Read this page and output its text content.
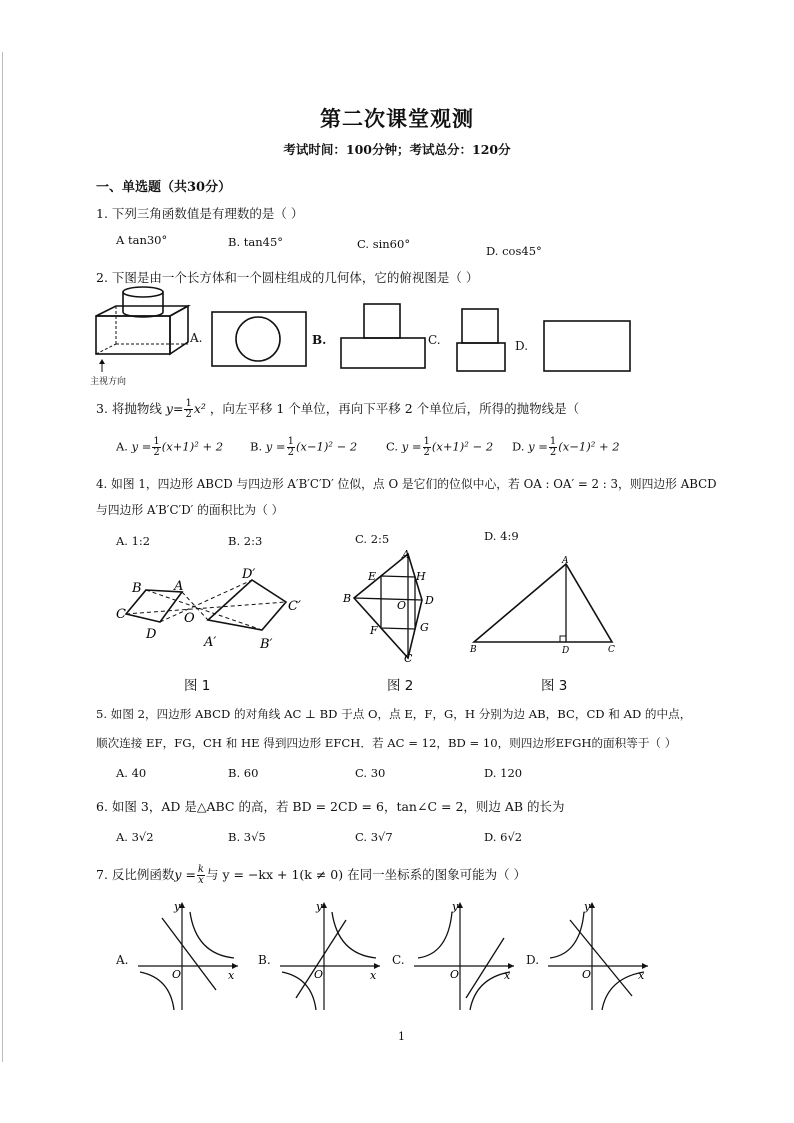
第二次课堂观测
考试时间：100分钟；考试总分：120分
一、单选题（共30分）
1. 下列三角函数值是有理数的是（ ）
A tan30°	B. tan45°	C. sin60°	D. cos45°
2. 下图是由一个长方体和一个圆柱组成的几何体，它的俯视图是（ ）
主视方向
A.	B.	C.	D.
3. 将抛物线 $y= \frac{1}{2} x^2$ ，向左平移 1 个单位，再向下平移 2 个单位后，所得的抛物线是（
A. $y = \frac{1}{2} (x+1)^2 + 2$ B. $y = \frac{1}{2} (x-1)^2 - 2$	C. $y = \frac{1}{2} (x+1)^2 - 2$ D. $y = \frac{1}{2} (x-1)^2 + 2$
4. 如图 1，四边形 ABCD 与四边形 A′B′C′D′ 位似，点 O 是它们的位似中心，若 OA : OA′ = 2 : 3，则四边形 ABCD
与四边形 A′B′C′D′ 的面积比为（ ）
A. 1:2	B. 2:3	C. 2:5	D. 4:9
B A
C	O
D
D′
C′
A′	B′
图 1
A
E	H
B
O D
F	G
C
图 2
A
B	D	C
图 3
5. 如图 2，四边形 ABCD 的对角线 AC ⊥ BD 于点 O，点 E，F，G，H 分别为边 AB，BC，CD 和 AD 的中点，
顺次连接 EF，FG，CH 和 HE 得到四边形 EFCH．若 AC = 12，BD = 10，则四边形EFGH的面积等于（ ）
A. 40	B. 60	C. 30	D. 120
6. 如图 3，AD 是△ABC 的高，若 BD = 2CD = 6，tan∠C = 2，则边 AB 的长为
A. 3√2	B. 3√5	C. 3√7	D. 6√2
7. 反比例函数$y = \frac{k}{x}$ 与 y = −kx + 1(k ≠ 0) 在同一坐标系的图象可能为（ ）
A.
y
x
O
B.
y
x
O
C.
y
x
O
D.
y
x
O
1
